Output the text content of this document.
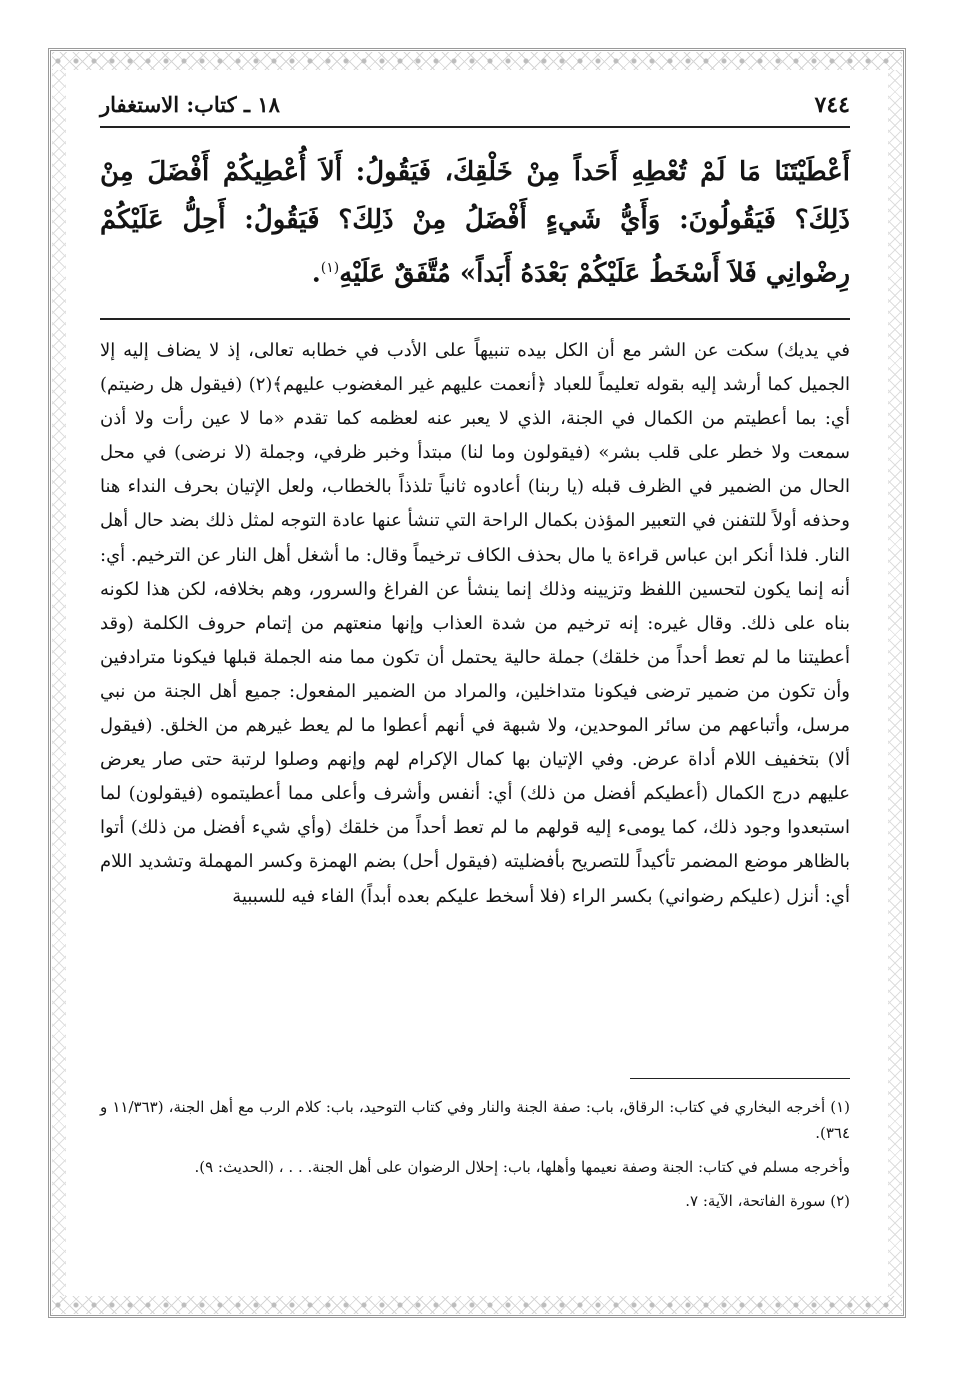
٧٤٤
١٨ ـ كتاب: الاستغفار
أَعْطَيْتَنَا مَا لَمْ تُعْطِهِ أَحَداً مِنْ خَلْقِكَ، فَيَقُولُ: أَلاَ أُعْطِيكُمْ أَفْضَلَ مِنْ ذَلِكَ؟ فَيَقُولُونَ: وَأَيُّ شَيءٍ أَفْضَلُ مِنْ ذَلِكَ؟ فَيَقُولُ: أَحِلُّ عَلَيْكُمْ رِضْوانِي فَلاَ أَسْخَطُ عَلَيْكُمْ بَعْدَهُ أَبَداً» مُتَّفَقٌ عَلَيْهِ$^{(١)}$.

في يديك) سكت عن الشر مع أن الكل بيده تنبيهاً على الأدب في خطابه تعالى، إذ لا يضاف إليه إلا الجميل كما أرشد إليه بقوله تعليماً للعباد ﴿أنعمت عليهم غير المغضوب عليهم﴾(٢) (فيقول هل رضيتم) أي: بما أعطيتم من الكمال في الجنة، الذي لا يعبر عنه لعظمه كما تقدم «ما لا عين رأت ولا أذن سمعت ولا خطر على قلب بشر» (فيقولون وما لنا) مبتدأ وخبر ظرفي، وجملة (لا نرضى) في محل الحال من الضمير في الظرف قبله (يا ربنا) أعادوه ثانياً تلذذاً بالخطاب، ولعل الإتيان بحرف النداء هنا وحذفه أولاً للتفنن في التعبير المؤذن بكمال الراحة التي تنشأ عنها عادة التوجه لمثل ذلك بضد حال أهل النار. فلذا أنكر ابن عباس قراءة يا مال بحذف الكاف ترخيماً وقال: ما أشغل أهل النار عن الترخيم. أي: أنه إنما يكون لتحسين اللفظ وتزيينه وذلك إنما ينشأ عن الفراغ والسرور، وهم بخلافه، لكن هذا لكونه بناه على ذلك. وقال غيره: إنه ترخيم من شدة العذاب وإنها منعتهم من إتمام حروف الكلمة (وقد أعطيتنا ما لم تعط أحداً من خلقك) جملة حالية يحتمل أن تكون مما منه الجملة قبلها فيكونا مترادفين وأن تكون من ضمير ترضى فيكونا متداخلين، والمراد من الضمير المفعول: جميع أهل الجنة من نبي مرسل، وأتباعهم من سائر الموحدين، ولا شبهة في أنهم أعطوا ما لم يعط غيرهم من الخلق. (فيقول ألا) بتخفيف اللام أداة عرض. وفي الإتيان بها كمال الإكرام لهم وإنهم وصلوا لرتبة حتى صار يعرض عليهم درج الكمال (أعطيكم أفضل من ذلك) أي: أنفس وأشرف وأعلى مما أعطيتموه (فيقولون) لما استبعدوا وجود ذلك، كما يومىء إليه قولهم ما لم تعط أحداً من خلقك (وأي شيء أفضل من ذلك) أتوا بالظاهر موضع المضمر تأكيداً للتصريح بأفضليته (فيقول أحل) بضم الهمزة وكسر المهملة وتشديد اللام أي: أنزل (عليكم رضواني) بكسر الراء (فلا أسخط عليكم بعده أبداً) الفاء فيه للسببية

(١) أخرجه البخاري في كتاب: الرقاق، باب: صفة الجنة والنار وفي كتاب التوحيد، باب: كلام الرب مع أهل الجنة، (١١/٣٦٣ و ٣٦٤).

وأخرجه مسلم في كتاب: الجنة وصفة نعيمها وأهلها، باب: إحلال الرضوان على أهل الجنة. . . ، (الحديث: ٩).

(٢) سورة الفاتحة، الآية: ٧.
